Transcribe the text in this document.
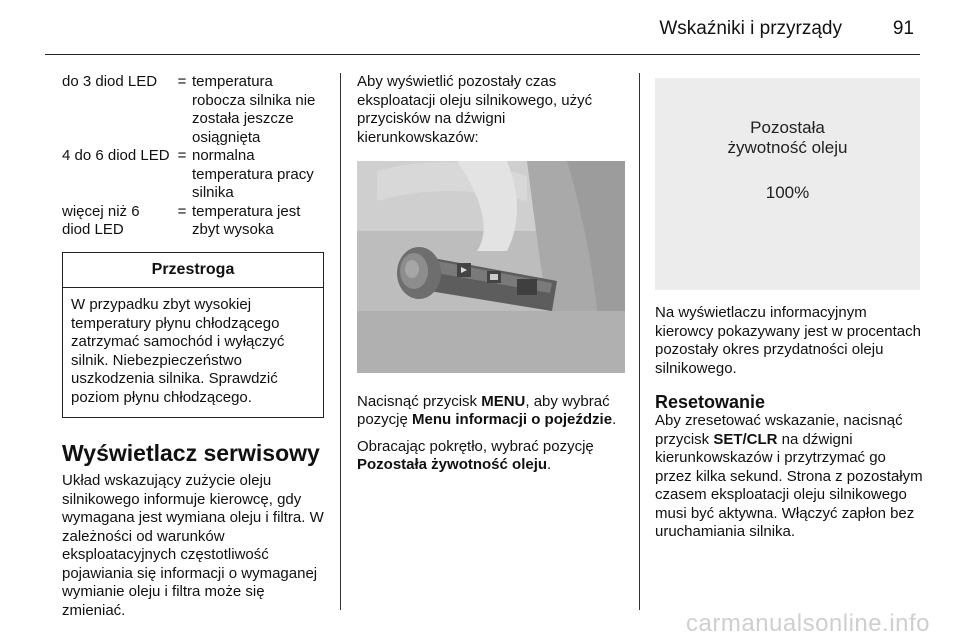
Wskaźniki i przyrządy	91
do 3 diod LED	= temperatura robocza silnika nie została jeszcze osiągnięta
4 do 6 diod LED = normalna temperatura pracy silnika
więcej niż 6 diod LED
= temperatura jest zbyt wysoka
Przestroga
W przypadku zbyt wysokiej temperatury płynu chłodzącego zatrzymać samochód i wyłączyć silnik. Niebezpieczeństwo uszkodzenia silnika. Sprawdzić poziom płynu chłodzącego.
Wyświetlacz serwisowy

Układ wskazujący zużycie oleju silnikowego informuje kierowcę, gdy wymagana jest wymiana oleju i filtra. W zależności od warunków eksploatacyjnych częstotliwość pojawiania się informacji o wymaganej wymianie oleju i filtra może się zmieniać.

Aby wyświetlić pozostały czas eksploatacji oleju silnikowego, użyć przycisków na dźwigni kierunkowskazów:

Nacisnąć przycisk MENU, aby wybrać pozycję Menu informacji o pojeździe.

Obracając pokrętło, wybrać pozycję Pozostała żywotność oleju.

Pozostała
żywotność oleju
100%

Na wyświetlaczu informacyjnym kierowcy pokazywany jest w procentach pozostały okres przydatności oleju silnikowego.

Resetowanie

Aby zresetować wskazanie, nacisnąć przycisk SET/CLR na dźwigni kierunkowskazów i przytrzymać go przez kilka sekund. Strona z pozostałym czasem eksploatacji oleju silnikowego musi być aktywna. Włączyć zapłon bez uruchamiania silnika.

carmanualsonline.info
